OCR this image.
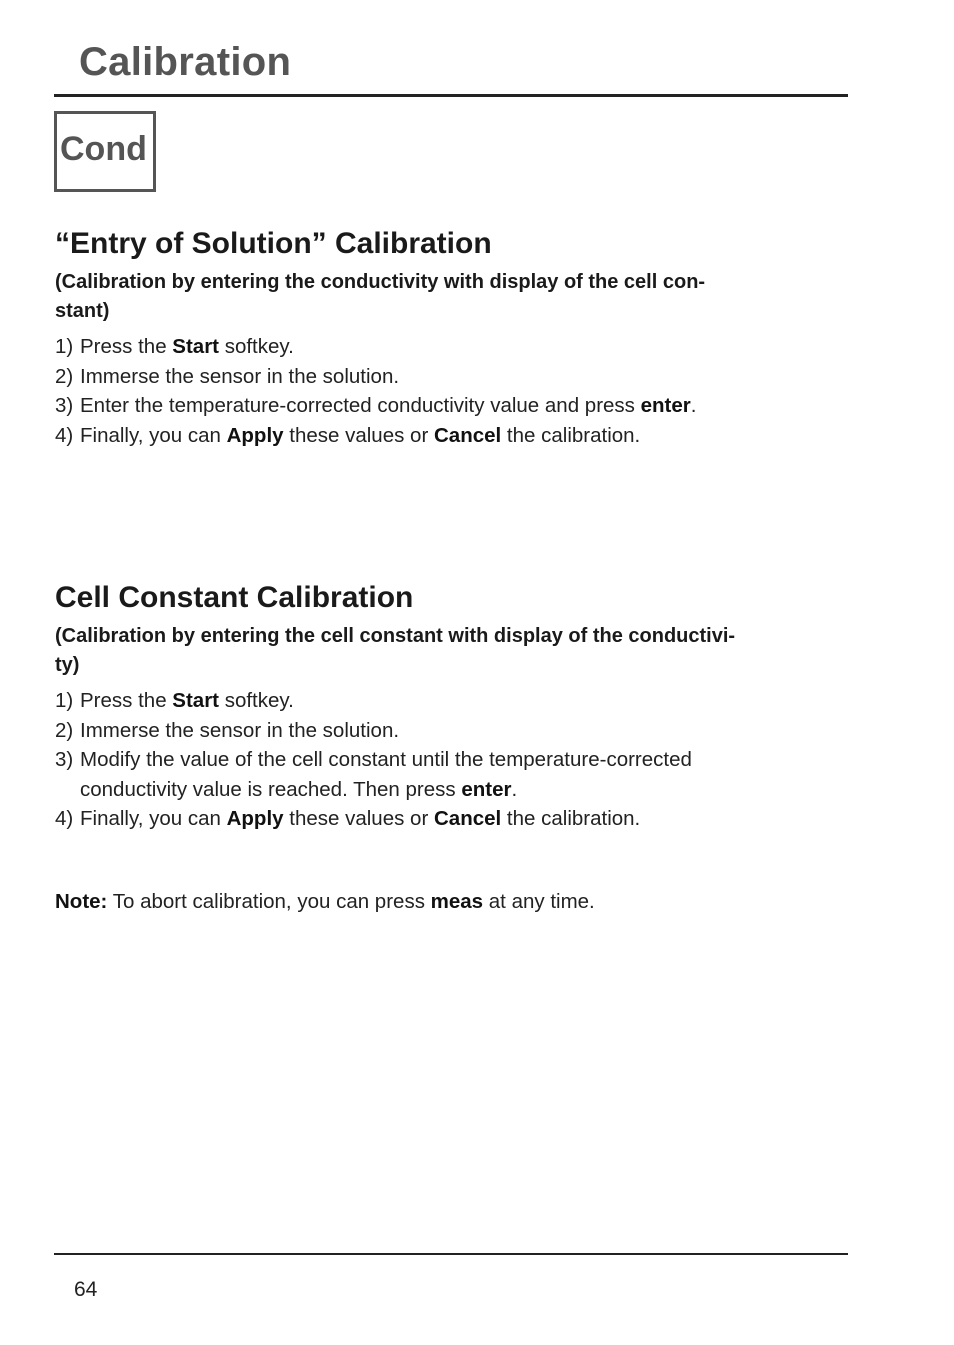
Calibration
Cond
“Entry of Solution” Calibration
(Calibration by entering the conductivity with display of the cell con-
stant)
1) Press the Start softkey.
2) Immerse the sensor in the solution.
3) Enter the temperature-corrected conductivity value and press enter.
4) Finally, you can Apply these values or Cancel the calibration.
Cell Constant Calibration
(Calibration by entering the cell constant with display of the conductivi-
ty)
1) Press the Start softkey.
2) Immerse the sensor in the solution.
3) Modify the value of the cell constant until the temperature-corrected
conductivity value is reached. Then press enter.
4) Finally, you can Apply these values or Cancel the calibration.
Note: To abort calibration, you can press meas at any time.
64
